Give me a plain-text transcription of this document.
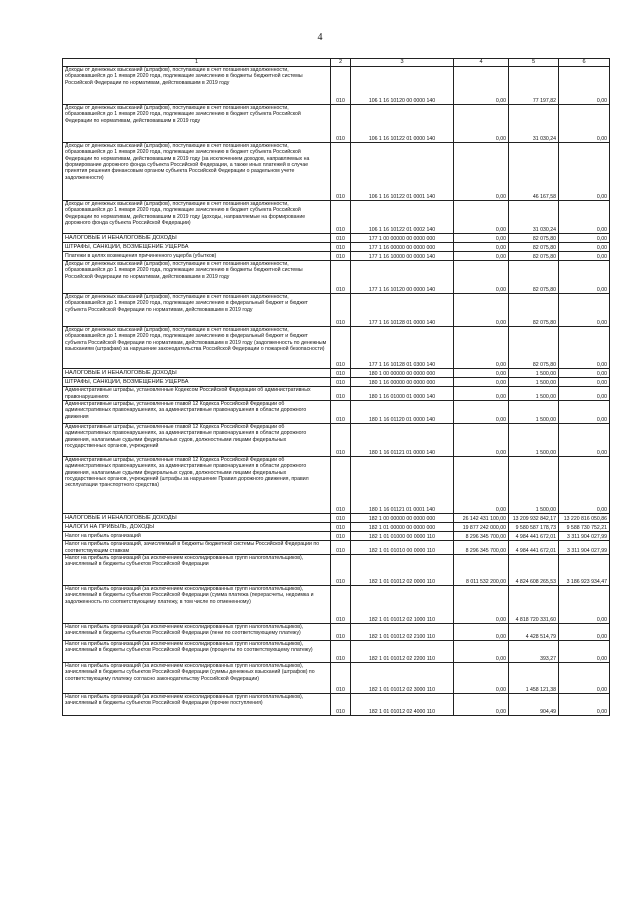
4
1	2	3	4	5	6
Доходы от денежных взысканий (штрафов), поступающие в счет погашения задолженности, образовавшейся до 1 января 2020 года, подлежащие зачислению в бюджеты бюджетной системы Российской Федерации по нормативам, действовавшим в 2019 году	010	106 1 16 10120 00 0000 140	0,00	77 197,82	0,00
Доходы от денежных взысканий (штрафов), поступающие в счет погашения задолженности, образовавшейся до 1 января 2020 года, подлежащие зачислению в бюджет субъекта Российской Федерации по нормативам, действовавшим в 2019 году	010	106 1 16 10122 01 0000 140	0,00	31 030,24	0,00
Доходы от денежных взысканий (штрафов), поступающие в счет погашения задолженности, образовавшейся до 1 января 2020 года, подлежащие зачислению в бюджет субъекта Российской Федерации по нормативам, действовавшим в 2019 году (за исключением доходов, направляемых на формирование дорожного фонда субъекта Российской Федерации, а также иных платежей в случае принятия решения финансовым органом субъекта Российской Федерации о раздельном учете задолженности)	010	106 1 16 10122 01 0001 140	0,00	46 167,58	0,00
Доходы от денежных взысканий (штрафов), поступающие в счет погашения задолженности, образовавшейся до 1 января 2020 года, подлежащие зачислению в бюджет субъекта Российской Федерации по нормативам, действовавшим в 2019 году (доходы, направляемые на формирование дорожного фонда субъекта Российской Федерации)	010	106 1 16 10122 01 0002 140	0,00	31 030,24	0,00
НАЛОГОВЫЕ И НЕНАЛОГОВЫЕ ДОХОДЫ	010	177 1 00 00000 00 0000 000	0,00	82 075,80	0,00
ШТРАФЫ, САНКЦИИ, ВОЗМЕЩЕНИЕ УЩЕРБА	010	177 1 16 00000 00 0000 000	0,00	82 075,80	0,00
Платежи в целях возмещения причиненного ущерба (убытков)	010	177 1 16 10000 00 0000 140	0,00	82 075,80	0,00
Доходы от денежных взысканий (штрафов), поступающие в счет погашения задолженности, образовавшейся до 1 января 2020 года, подлежащие зачислению в бюджеты бюджетной системы Российской Федерации по нормативам, действовавшим в 2019 году	010	177 1 16 10120 00 0000 140	0,00	82 075,80	0,00
Доходы от денежных взысканий (штрафов), поступающие в счет погашения задолженности, образовавшейся до 1 января 2020 года, подлежащие зачислению в федеральный бюджет и бюджет субъекта Российской Федерации по нормативам, действовавшим в 2019 году	010	177 1 16 10128 01 0000 140	0,00	82 075,80	0,00
Доходы от денежных взысканий (штрафов), поступающие в счет погашения задолженности, образовавшейся до 1 января 2020 года, подлежащие зачислению в федеральный бюджет и бюджет субъекта Российской Федерации по нормативам, действовавшим в 2019 году (задолженность по денежным взысканиям (штрафам) за нарушение законодательства Российской Федерации о пожарной безопасности)	010	177 1 16 10128 01 0300 140	0,00	82 075,80	0,00
НАЛОГОВЫЕ И НЕНАЛОГОВЫЕ ДОХОДЫ	010	180 1 00 00000 00 0000 000	0,00	1 500,00	0,00
ШТРАФЫ, САНКЦИИ, ВОЗМЕЩЕНИЕ УЩЕРБА	010	180 1 16 00000 00 0000 000	0,00	1 500,00	0,00
Административные штрафы, установленные Кодексом Российской Федерации об административных правонарушениях	010	180 1 16 01000 01 0000 140	0,00	1 500,00	0,00
Административные штрафы, установленные главой 12 Кодекса Российской Федерации об административных правонарушениях, за административные правонарушения в области дорожного движения	010	180 1 16 01120 01 0000 140	0,00	1 500,00	0,00
Административные штрафы, установленные главой 12 Кодекса Российской Федерации об административных правонарушениях, за административные правонарушения в области дорожного движения, налагаемые судьями федеральных судов, должностными лицами федеральных государственных органов, учреждений	010	180 1 16 01121 01 0000 140	0,00	1 500,00	0,00
Административные штрафы, установленные главой 12 Кодекса Российской Федерации об административных правонарушениях, за административные правонарушения в области дорожного движения, налагаемые судьями федеральных судов, должностными лицами федеральных государственных органов, учреждений (штрафы за нарушение Правил дорожного движения, правил эксплуатации транспортного средства)	010	180 1 16 01121 01 0001 140	0,00	1 500,00	0,00
НАЛОГОВЫЕ И НЕНАЛОГОВЫЕ ДОХОДЫ	010	182 1 00 00000 00 0000 000	26 142 431 100,00	13 209 932 842,17	13 220 816 050,86
НАЛОГИ НА ПРИБЫЛЬ, ДОХОДЫ	010	182 1 01 00000 00 0000 000	19 877 242 000,00	9 580 587 178,73	9 588 730 752,21
Налог на прибыль организаций	010	182 1 01 01000 00 0000 110	8 296 345 700,00	4 984 441 672,01	3 311 904 027,99
Налог на прибыль организаций, зачисляемый в бюджеты бюджетной системы Российской Федерации по соответствующим ставкам	010	182 1 01 01010 00 0000 110	8 296 345 700,00	4 984 441 672,01	3 311 904 027,99
Налог на прибыль организаций (за исключением консолидированных групп налогоплательщиков), зачисляемый в бюджеты субъектов Российской Федерации	010	182 1 01 01012 02 0000 110	8 011 532 200,00	4 824 608 265,53	3 186 923 934,47
Налог на прибыль организаций (за исключением консолидированных групп налогоплательщиков), зачисляемый в бюджеты субъектов Российской Федерации (сумма платежа (перерасчеты, недоимка и задолженность по соответствующему платежу, в том числе по отмененному)	010	182 1 01 01012 02 1000 110	0,00	4 818 720 331,60	0,00
Налог на прибыль организаций (за исключением консолидированных групп налогоплательщиков), зачисляемый в бюджеты субъектов Российской Федерации (пени по соответствующему платежу)	010	182 1 01 01012 02 2100 110	0,00	4 428 514,79	0,00
Налог на прибыль организаций (за исключением консолидированных групп налогоплательщиков), зачисляемый в бюджеты субъектов Российской Федерации (проценты по соответствующему платежу)	010	182 1 01 01012 02 2200 110	0,00	393,27	0,00
Налог на прибыль организаций (за исключением консолидированных групп налогоплательщиков), зачисляемый в бюджеты субъектов Российской Федерации (суммы денежных взысканий (штрафов) по соответствующему платежу согласно законодательству Российской Федерации)	010	182 1 01 01012 02 3000 110	0,00	1 458 121,38	0,00
Налог на прибыль организаций (за исключением консолидированных групп налогоплательщиков), зачисляемый в бюджеты субъектов Российской Федерации (прочие поступления)	010	182 1 01 01012 02 4000 110	0,00	904,49	0,00
